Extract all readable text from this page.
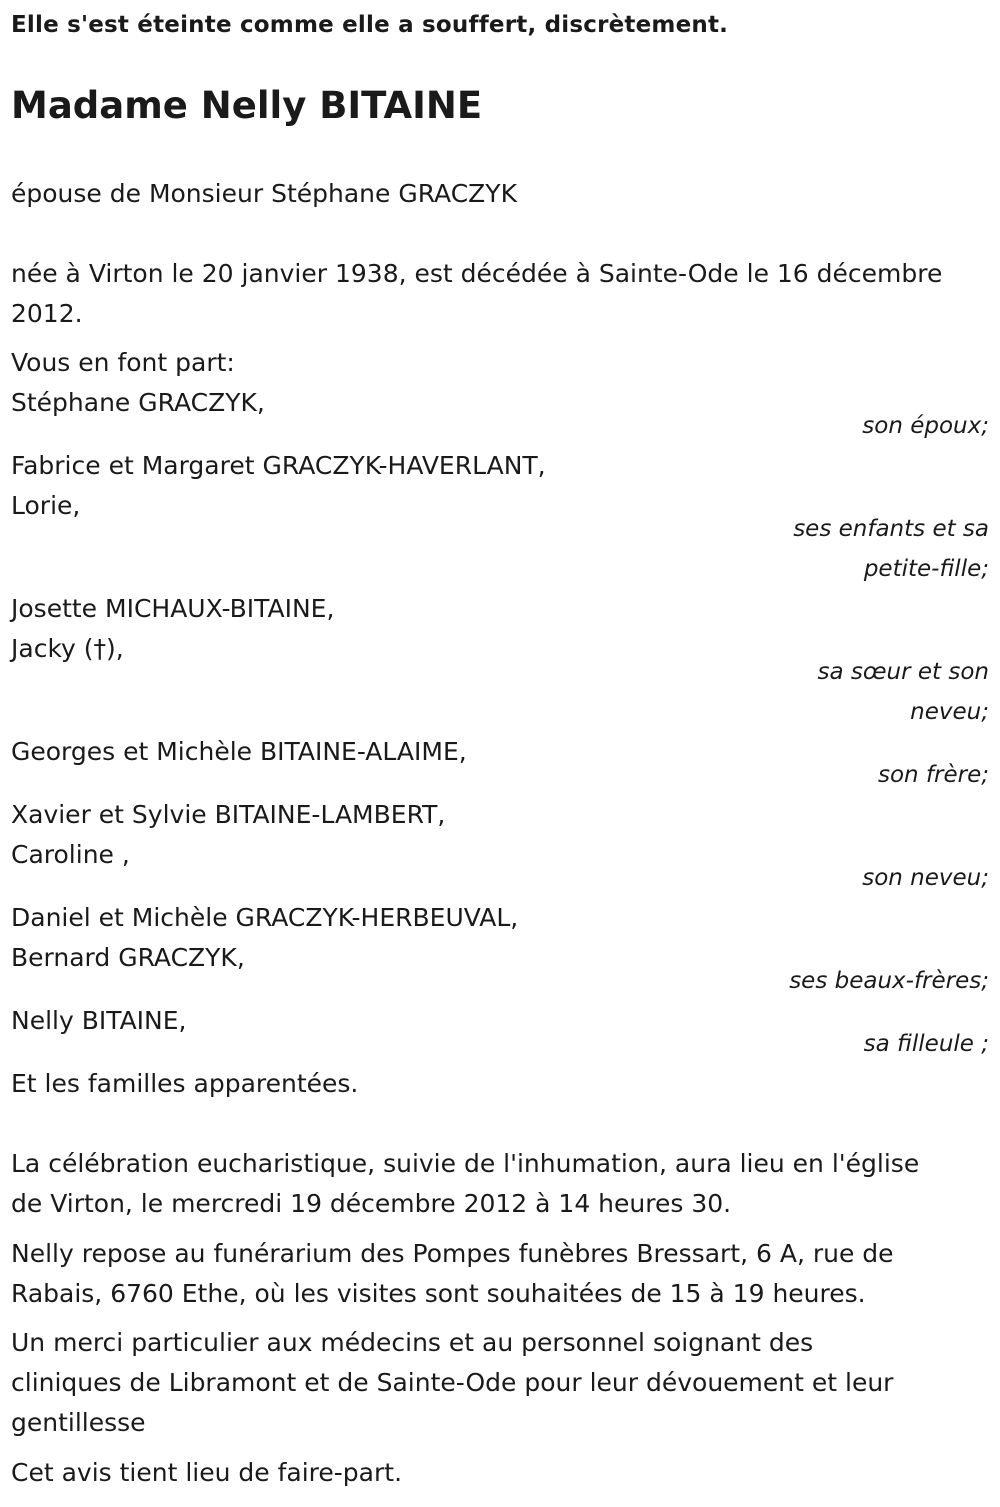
Elle s'est éteinte comme elle a souffert, discrètement.
Madame Nelly BITAINE
épouse de Monsieur Stéphane GRACZYK
née à Virton le 20 janvier 1938, est décédée à Sainte-Ode le 16 décembre
2012.
Vous en font part:
Stéphane GRACZYK,
son époux;
Fabrice et Margaret GRACZYK-HAVERLANT,
Lorie,
ses enfants et sa
petite-fille;
Josette MICHAUX-BITAINE,
Jacky (†),
sa sœur et son
neveu;
Georges et Michèle BITAINE-ALAIME,
son frère;
Xavier et Sylvie BITAINE-LAMBERT,
Caroline ,
son neveu;
Daniel et Michèle GRACZYK-HERBEUVAL,
Bernard GRACZYK,
ses beaux-frères;
Nelly BITAINE,
sa filleule ;
Et les familles apparentées.
La célébration eucharistique, suivie de l'inhumation, aura lieu en l'église
de Virton, le mercredi 19 décembre 2012 à 14 heures 30.
Nelly repose au funérarium des Pompes funèbres Bressart, 6 A, rue de
Rabais, 6760 Ethe, où les visites sont souhaitées de 15 à 19 heures.
Un merci particulier aux médecins et au personnel soignant des
cliniques de Libramont et de Sainte-Ode pour leur dévouement et leur
gentillesse
Cet avis tient lieu de faire-part.
